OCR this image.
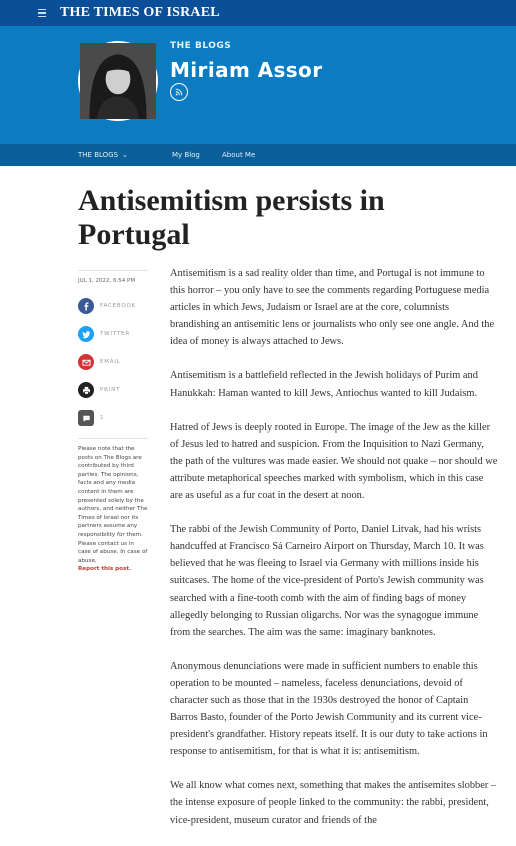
THE TIMES OF ISRAEL
THE BLOGS
Miriam Assor
THE BLOGS ⌄	My Blog	About Me
Antisemitism persists in Portugal
JUL 1, 2022, 6:54 PM
FACEBOOK
TWITTER
EMAIL
PRINT
1
Please note that the posts on The Blogs are contributed by third parties. The opinions, facts and any media content in them are presented solely by the authors, and neither The Times of Israel nor its partners assume any responsibility for them. Please contact us in case of abuse. In case of abuse,
Report this post.

Antisemitism is a sad reality older than time, and Portugal is not immune to this horror – you only have to see the comments regarding Portuguese media articles in which Jews, Judaism or Israel are at the core, columnists brandishing an antisemitic lens or journalists who only see one angle. And the idea of money is always attached to Jews.

Antisemitism is a battlefield reflected in the Jewish holidays of Purim and Hanukkah: Haman wanted to kill Jews, Antiochus wanted to kill Judaism.

Hatred of Jews is deeply rooted in Europe. The image of the Jew as the killer of Jesus led to hatred and suspicion. From the Inquisition to Nazi Germany, the path of the vultures was made easier. We should not quake – nor should we attribute metaphorical speeches marked with symbolism, which in this case are as useful as a fur coat in the desert at noon.

The rabbi of the Jewish Community of Porto, Daniel Litvak, had his wrists handcuffed at Francisco Sá Carneiro Airport on Thursday, March 10. It was believed that he was fleeing to Israel via Germany with millions inside his suitcases. The home of the vice-president of Porto's Jewish community was searched with a fine-tooth comb with the aim of finding bags of money allegedly belonging to Russian oligarchs. Nor was the synagogue immune from the searches. The aim was the same: imaginary banknotes.

Anonymous denunciations were made in sufficient numbers to enable this operation to be mounted – nameless, faceless denunciations, devoid of character such as those that in the 1930s destroyed the honor of Captain Barros Basto, founder of the Porto Jewish Community and its current vice-president's grandfather. History repeats itself. It is our duty to take actions in response to antisemitism, for that is what it is: antisemitism.

We all know what comes next, something that makes the antisemites slobber – the intense exposure of people linked to the community: the rabbi, president, vice-president, museum curator and friends of the
